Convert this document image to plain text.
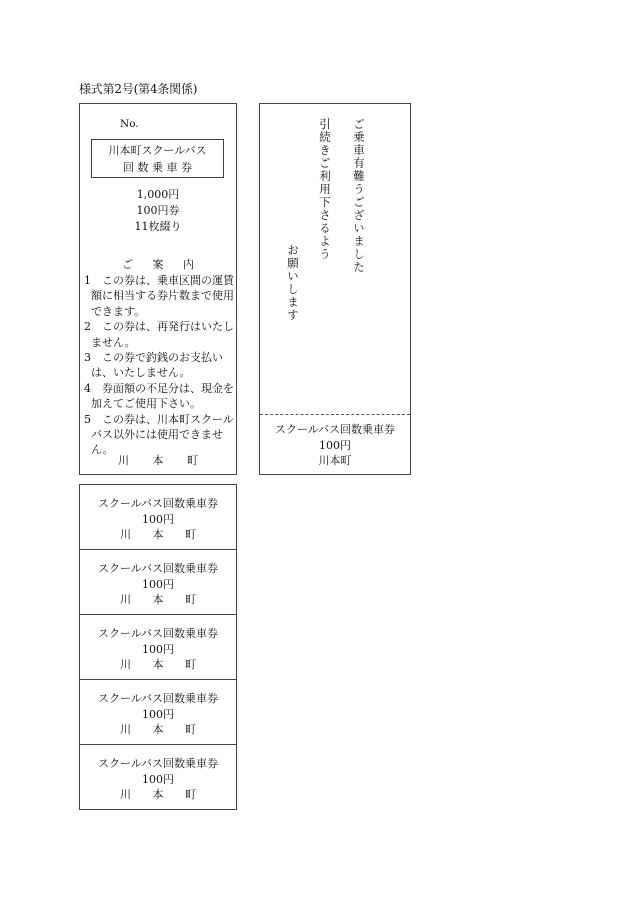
様式第2号(第4条関係)
No.
川本町スクールバス
回 数 乗 車 券
1,000円
100円券
11枚綴り
ご 案 内

1　この券は、乗車区間の運賃額に相当する券片数まで使用できます。

2　この券は、再発行はいたしません。

3　この券で釣銭のお支払いは、いたしません。

4　券面額の不足分は、現金を加えてご使用下さい。

5　この券は、川本町スクールバス以外には使用できません。

川 本 町
ご乗車有難うございました
引続きご利用下さるよう
お願いします
スクールバス回数乗車券
100円
川本町
スクールバス回数乗車券
100円
川 本 町
スクールバス回数乗車券
100円
川 本 町
スクールバス回数乗車券
100円
川 本 町
スクールバス回数乗車券
100円
川 本 町
スクールバス回数乗車券
100円
川 本 町
